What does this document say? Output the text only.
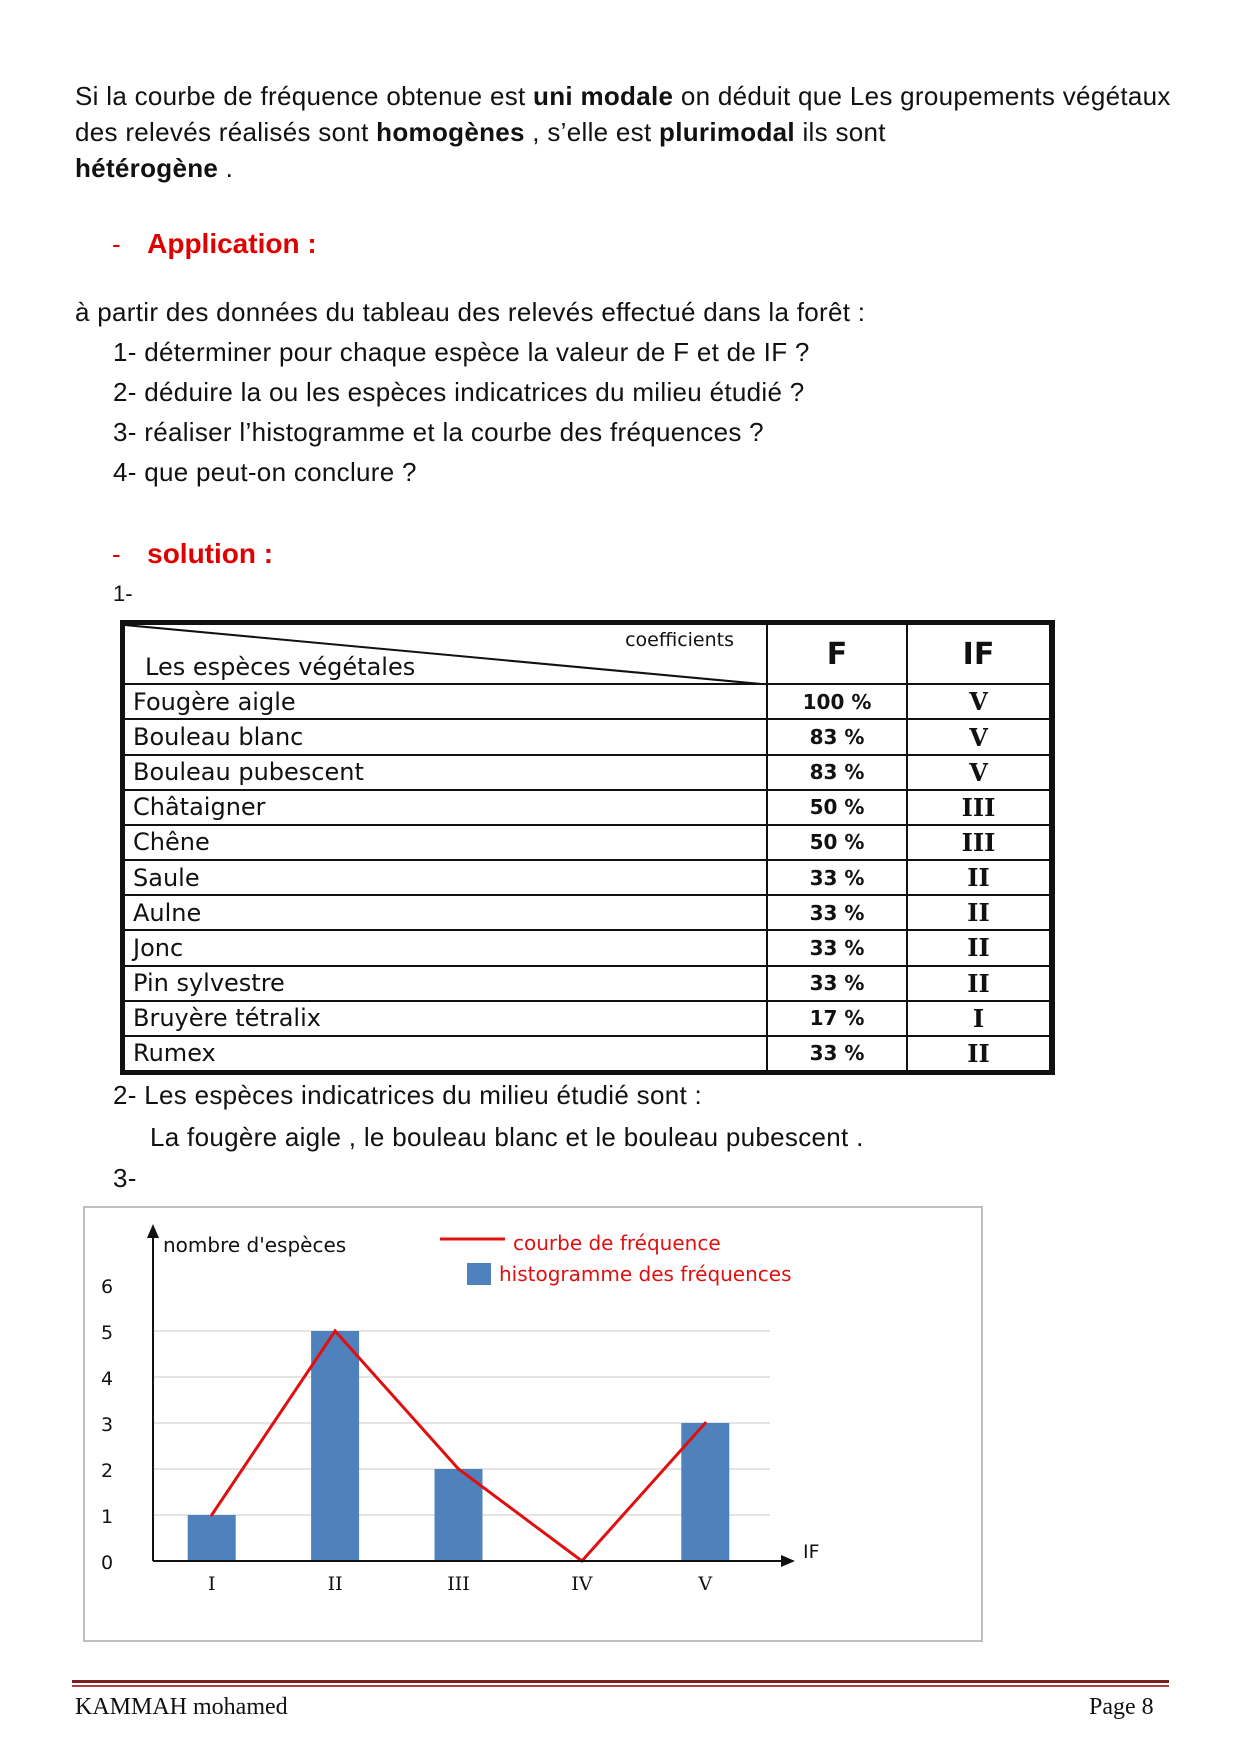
Si la courbe de fréquence obtenue est uni modale on déduit que Les groupements végétaux des relevés réalisés sont homogènes , s’elle est plurimodal ils sont
hétérogène .
- Application :
à partir des données du tableau des relevés effectué dans la forêt :
1- déterminer pour chaque espèce la valeur de F et de IF ?
2- déduire la ou les espèces indicatrices du milieu étudié ?
3- réaliser l’histogramme et la courbe des fréquences ?
4- que peut-on conclure ?
- solution :
1-
coefficients
Les espèces végétales	F	IF
Fougère aigle	100 %	V
Bouleau blanc	83 %	V
Bouleau pubescent	83 %	V
Châtaigner	50 %	III
Chêne	50 %	III
Saule	33 %	II
Aulne	33 %	II
Jonc	33 %	II
Pin sylvestre	33 %	II
Bruyère tétralix	17 %	I
Rumex	33 %	II
2- Les espèces indicatrices du milieu étudié sont :
La fougère aigle , le bouleau blanc et le bouleau pubescent .
3-
0
1
2
3
4
5
6
I	II	III	IV	V
nombre d'espèces
IF
courbe de fréquence
histogramme des fréquences
KAMMAH mohamed	Page 8
